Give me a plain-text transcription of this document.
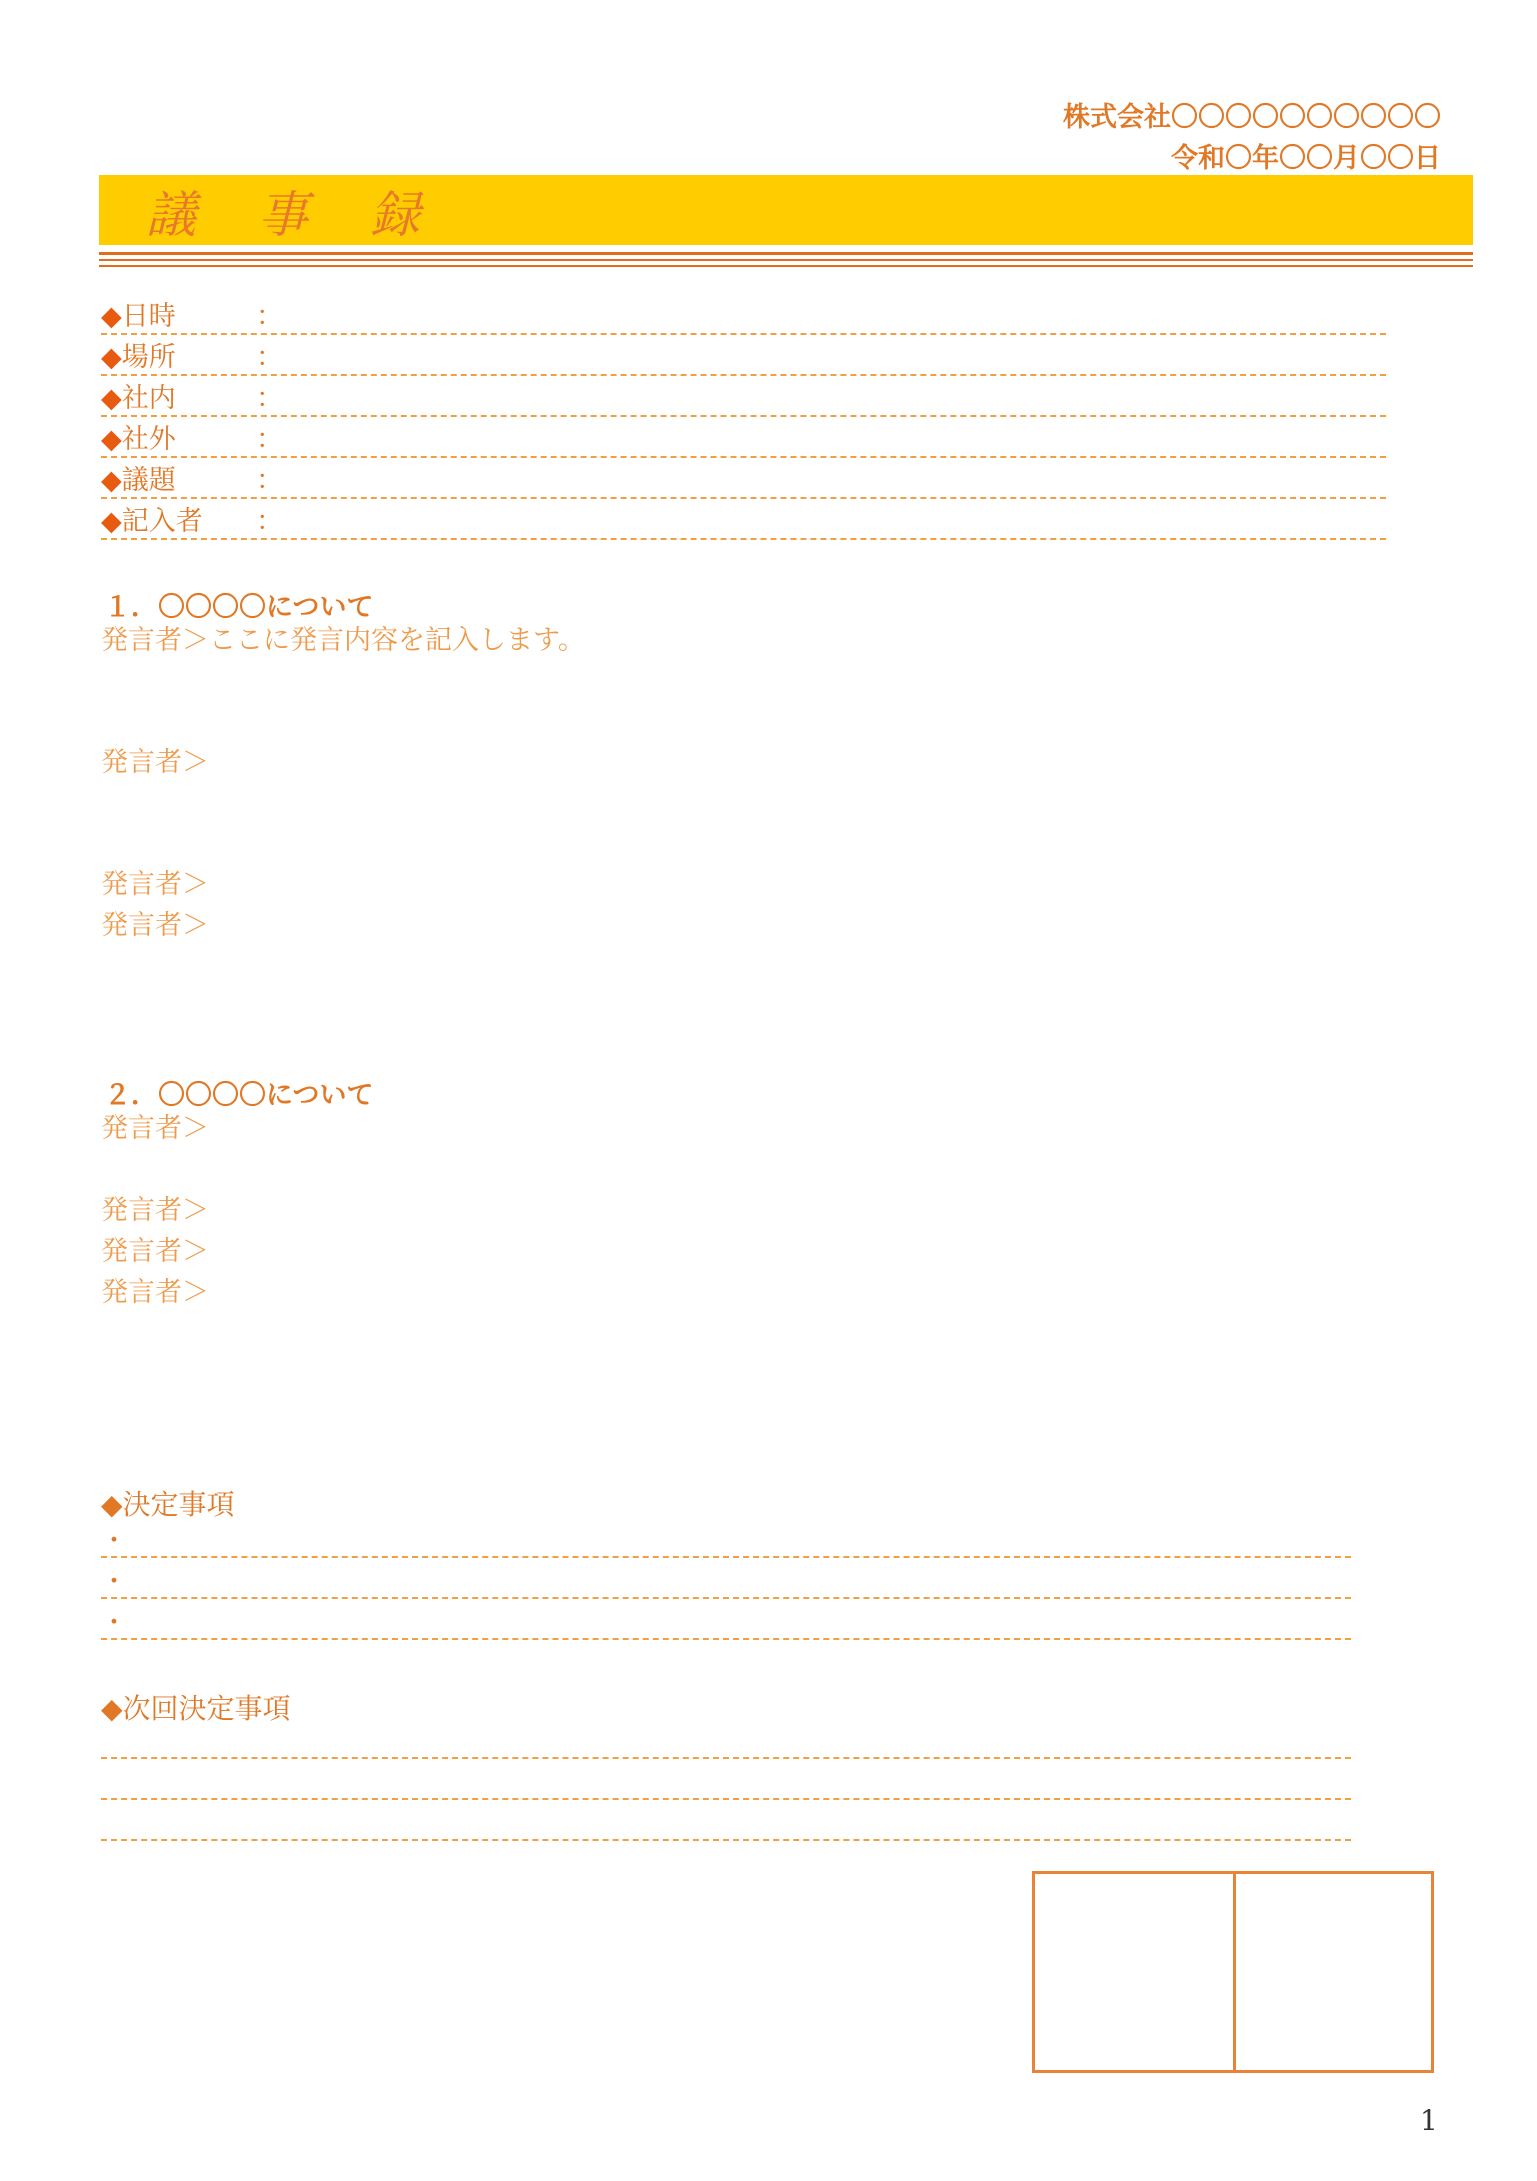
株式会社〇〇〇〇〇〇〇〇〇〇
令和〇年〇〇月〇〇日
議事録
◆日時	：
◆場所	：
◆社内	：
◆社外	：
◆議題	：
◆記入者 ：
１．〇〇〇〇について
発言者＞ここに発言内容を記入します。
発言者＞
発言者＞
発言者＞
２．〇〇〇〇について
発言者＞
発言者＞
発言者＞
発言者＞
◆決定事項
・
・
・
◆次回決定事項
1
